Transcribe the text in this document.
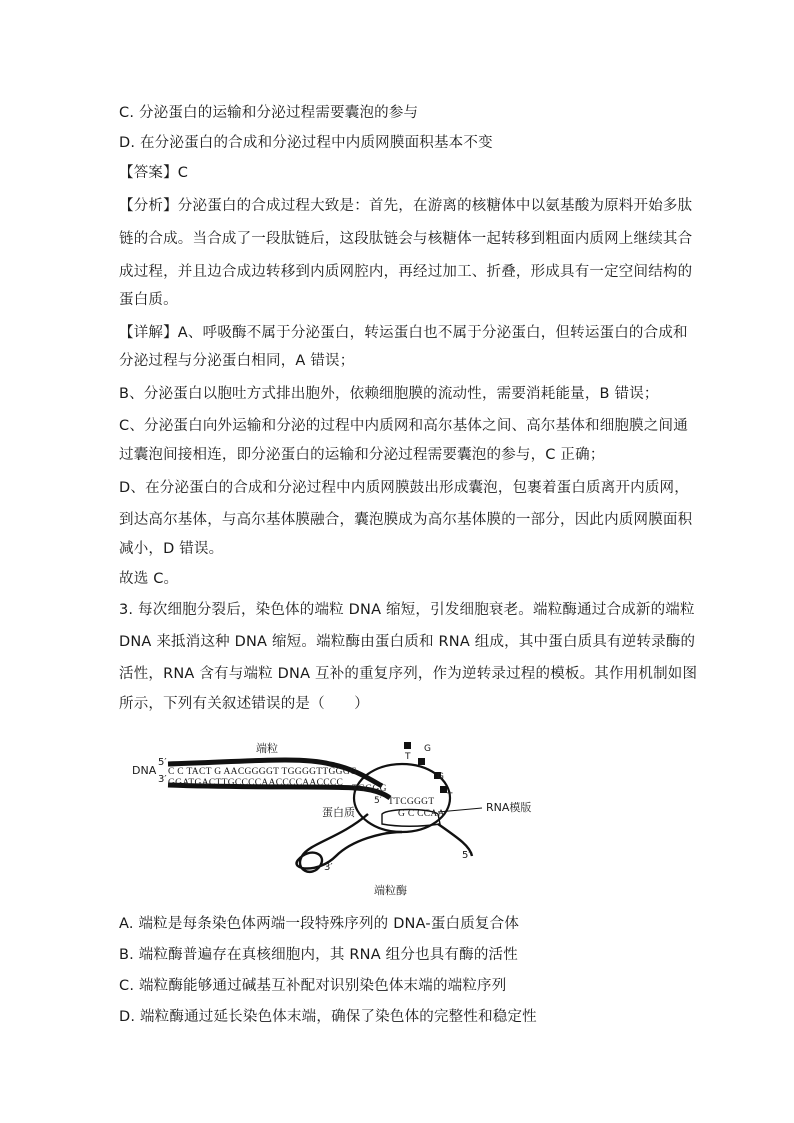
C. 分泌蛋白的运输和分泌过程需要囊泡的参与
D. 在分泌蛋白的合成和分泌过程中内质网膜面积基本不变
【答案】C
【分析】分泌蛋白的合成过程大致是：首先，在游离的核糖体中以氨基酸为原料开始多肽
链的合成。当合成了一段肽链后，这段肽链会与核糖体一起转移到粗面内质网上继续其合
成过程，并且边合成边转移到内质网腔内，再经过加工、折叠，形成具有一定空间结构的
蛋白质。
【详解】A、呼吸酶不属于分泌蛋白，转运蛋白也不属于分泌蛋白，但转运蛋白的合成和
分泌过程与分泌蛋白相同，A 错误；
B、分泌蛋白以胞吐方式排出胞外，依赖细胞膜的流动性，需要消耗能量，B 错误；
C、分泌蛋白向外运输和分泌的过程中内质网和高尔基体之间、高尔基体和细胞膜之间通
过囊泡间接相连，即分泌蛋白的运输和分泌过程需要囊泡的参与，C 正确；
D、在分泌蛋白的合成和分泌过程中内质网膜鼓出形成囊泡，包裹着蛋白质离开内质网，
到达高尔基体，与高尔基体膜融合，囊泡膜成为高尔基体膜的一部分，因此内质网膜面积
减小，D 错误。
故选 C。
3. 每次细胞分裂后，染色体的端粒 DNA 缩短，引发细胞衰老。端粒酶通过合成新的端粒
DNA 来抵消这种 DNA 缩短。端粒酶由蛋白质和 RNA 组成，其中蛋白质具有逆转录酶的
活性，RNA 含有与端粒 DNA 互补的重复序列，作为逆转录过程的模板。其作用机制如图
所示，下列有关叙述错误的是（　　）
端粒
DNA
5′
3′
C C TACT G AACGGGGT TGGGGTTGGGG
GGATGACTTGCCCCAACCCCAACCCC
TGGGG
TTCGGGT
G C CCAA
T
G
G
T
5′
蛋白质	RNA模版
3′
5′
端粒酶
A. 端粒是每条染色体两端一段特殊序列的 DNA-蛋白质复合体
B. 端粒酶普遍存在真核细胞内，其 RNA 组分也具有酶的活性
C. 端粒酶能够通过碱基互补配对识别染色体末端的端粒序列
D. 端粒酶通过延长染色体末端，确保了染色体的完整性和稳定性
